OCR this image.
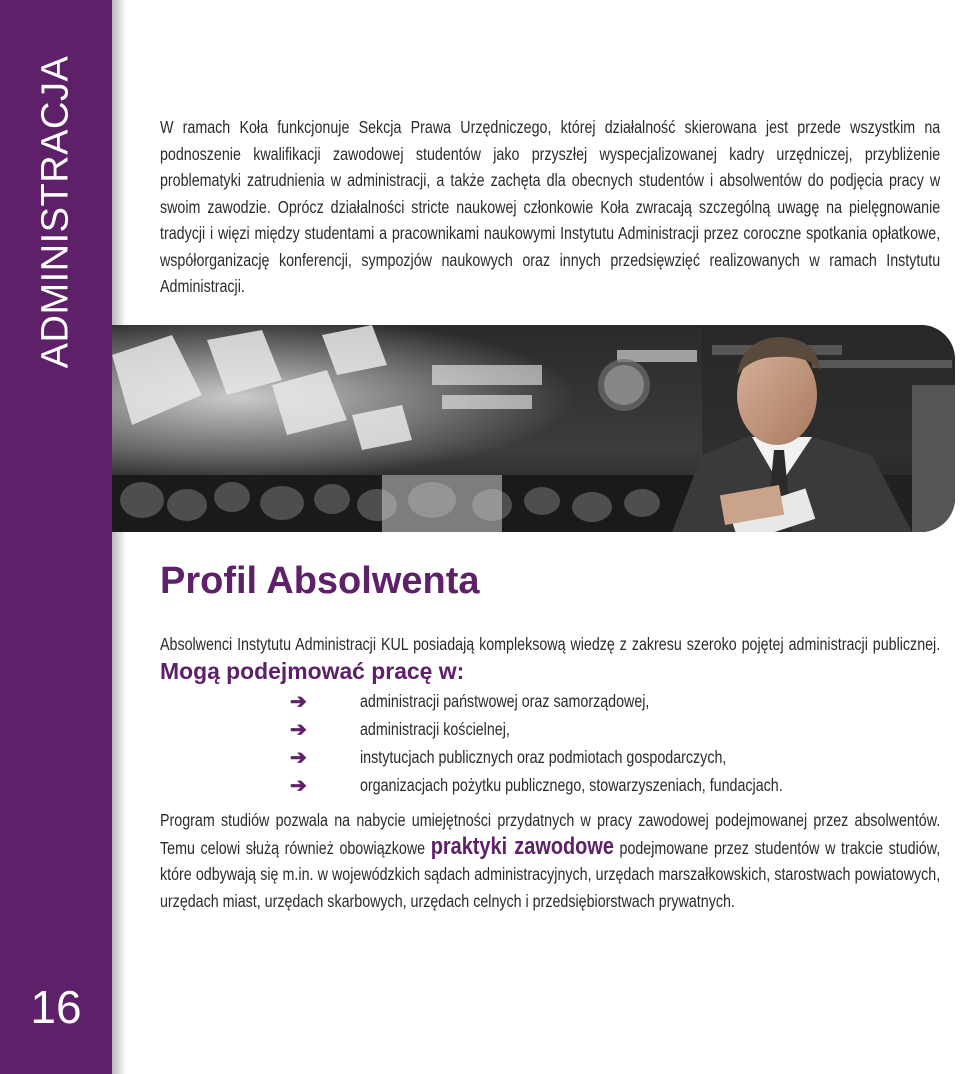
ADMINISTRACJA
16

W ramach Koła funkcjonuje Sekcja Prawa Urzędniczego, której działalność skierowana jest przede wszystkim na podnoszenie kwalifikacji zawodowej studentów jako przyszłej wyspecjalizowanej kadry urzędniczej, przybliżenie problematyki zatrudnienia w administracji, a także zachęta dla obecnych studentów i absolwentów do podjęcia pracy w swoim zawodzie. Oprócz działalności stricte naukowej członkowie Koła zwracają szczególną uwagę na pielęgnowanie tradycji i więzi między studentami a pracownikami naukowymi Instytutu Administracji przez coroczne spotkania opłatkowe, współorganizację konferencji, sympozjów naukowych oraz innych przedsięwzięć realizowanych w ramach Instytutu Administracji.

Profil Absolwenta

Absolwenci Instytutu Administracji KUL posiadają kompleksową wiedzę z zakresu szeroko pojętej administracji publicznej. Mogą podejmować pracę w:

➔	administracji państwowej oraz samorządowej,
➔	administracji kościelnej,
➔	instytucjach publicznych oraz podmiotach gospodarczych,
➔	organizacjach pożytku publicznego, stowarzyszeniach, fundacjach.

Program studiów pozwala na nabycie umiejętności przydatnych w pracy zawodowej podejmowanej przez absolwentów. Temu celowi służą również obowiązkowe praktyki zawodowe podejmowane przez studentów w trakcie studiów, które odbywają się m.in. w wojewódzkich sądach administracyjnych, urzędach marszałkowskich, starostwach powiatowych, urzędach miast, urzędach skarbowych, urzędach celnych i przedsiębiorstwach prywatnych.
